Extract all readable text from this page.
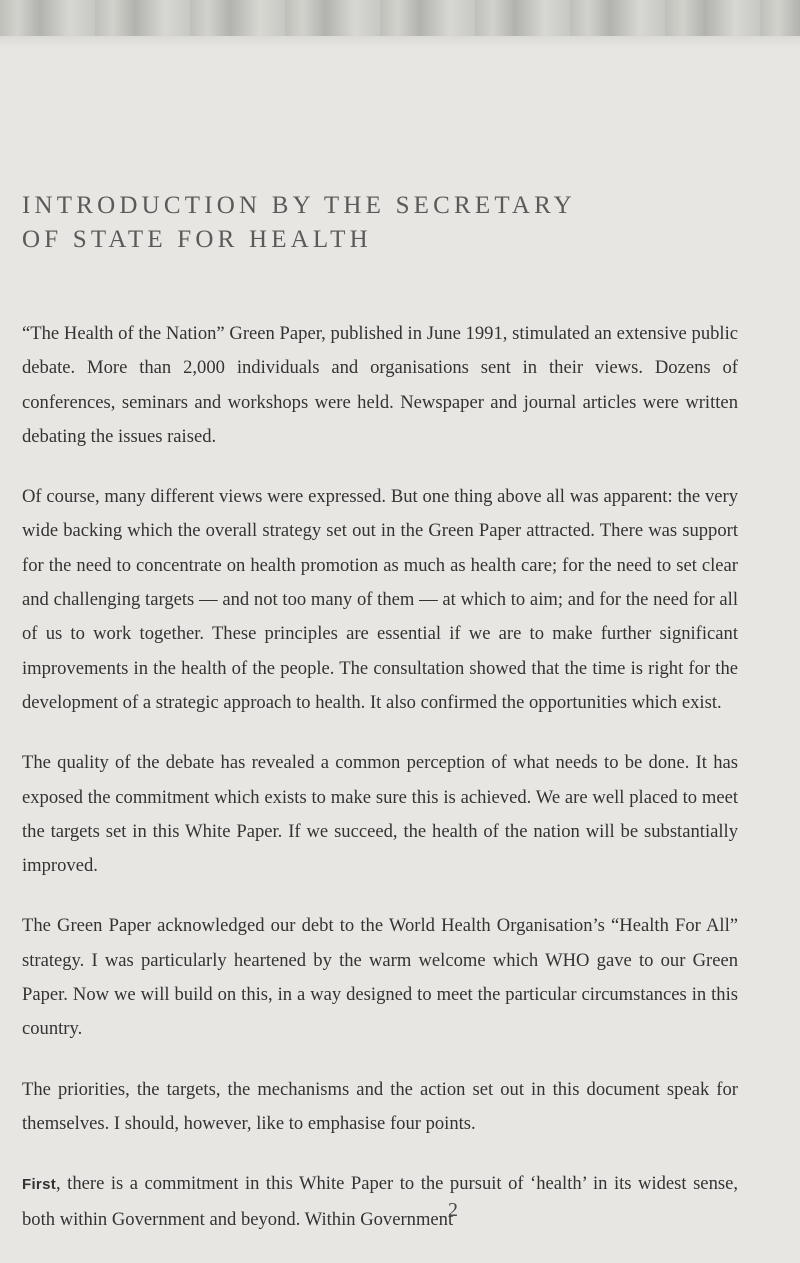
INTRODUCTION BY THE SECRETARY
OF STATE FOR HEALTH

“The Health of the Nation” Green Paper, published in June 1991, stimulated an extensive public debate. More than 2,000 individuals and organisations sent in their views. Dozens of conferences, seminars and workshops were held. Newspaper and journal articles were written debating the issues raised.

Of course, many different views were expressed. But one thing above all was apparent: the very wide backing which the overall strategy set out in the Green Paper attracted. There was support for the need to concentrate on health promotion as much as health care; for the need to set clear and challenging targets — and not too many of them — at which to aim; and for the need for all of us to work together. These principles are essential if we are to make further significant improvements in the health of the people. The consultation showed that the time is right for the development of a strategic approach to health. It also confirmed the opportunities which exist.

The quality of the debate has revealed a common perception of what needs to be done. It has exposed the commitment which exists to make sure this is achieved. We are well placed to meet the targets set in this White Paper. If we succeed, the health of the nation will be substantially improved.

The Green Paper acknowledged our debt to the World Health Organisation’s “Health For All” strategy. I was particularly heartened by the warm welcome which WHO gave to our Green Paper. Now we will build on this, in a way designed to meet the particular circumstances in this country.

The priorities, the targets, the mechanisms and the action set out in this document speak for themselves. I should, however, like to emphasise four points.

First, there is a commitment in this White Paper to the pursuit of ‘health’ in its widest sense, both within Government and beyond. Within Government

2
